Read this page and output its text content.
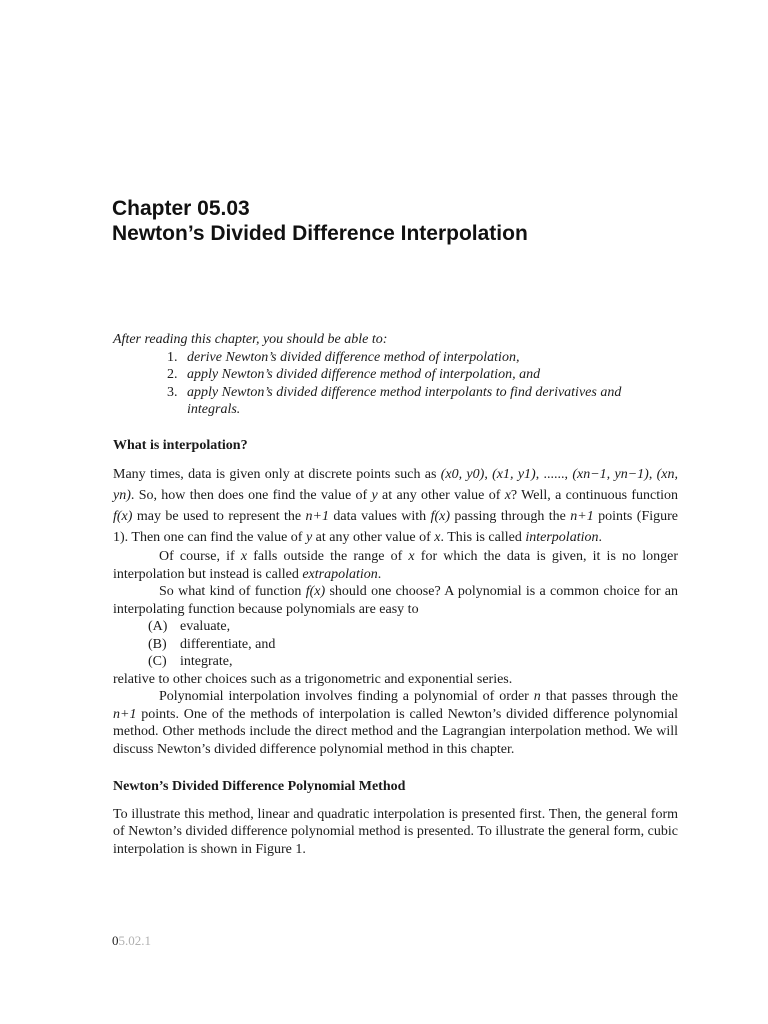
Chapter 05.03
Newton’s Divided Difference Interpolation

After reading this chapter, you should be able to:

1. derive Newton’s divided difference method of interpolation,
2. apply Newton’s divided difference method of interpolation, and
3. apply Newton’s divided difference method interpolants to find derivatives and integrals.
What is interpolation?

Many times, data is given only at discrete points such as (x0, y0), (x1, y1), ......, (xn−1, yn−1), (xn, yn). So, how then does one find the value of y at any other value of x? Well, a continuous function f(x) may be used to represent the n+1 data values with f(x) passing through the n+1 points (Figure 1). Then one can find the value of y at any other value of x. This is called interpolation.

Of course, if x falls outside the range of x for which the data is given, it is no longer interpolation but instead is called extrapolation.

So what kind of function f(x) should one choose? A polynomial is a common choice for an interpolating function because polynomials are easy to

(A) evaluate,
(B) differentiate, and
(C) integrate,

relative to other choices such as a trigonometric and exponential series.

Polynomial interpolation involves finding a polynomial of order n that passes through the n+1 points. One of the methods of interpolation is called Newton’s divided difference polynomial method. Other methods include the direct method and the Lagrangian interpolation method. We will discuss Newton’s divided difference polynomial method in this chapter.

Newton’s Divided Difference Polynomial Method

To illustrate this method, linear and quadratic interpolation is presented first. Then, the general form of Newton’s divided difference polynomial method is presented. To illustrate the general form, cubic interpolation is shown in Figure 1.

05.02.1
